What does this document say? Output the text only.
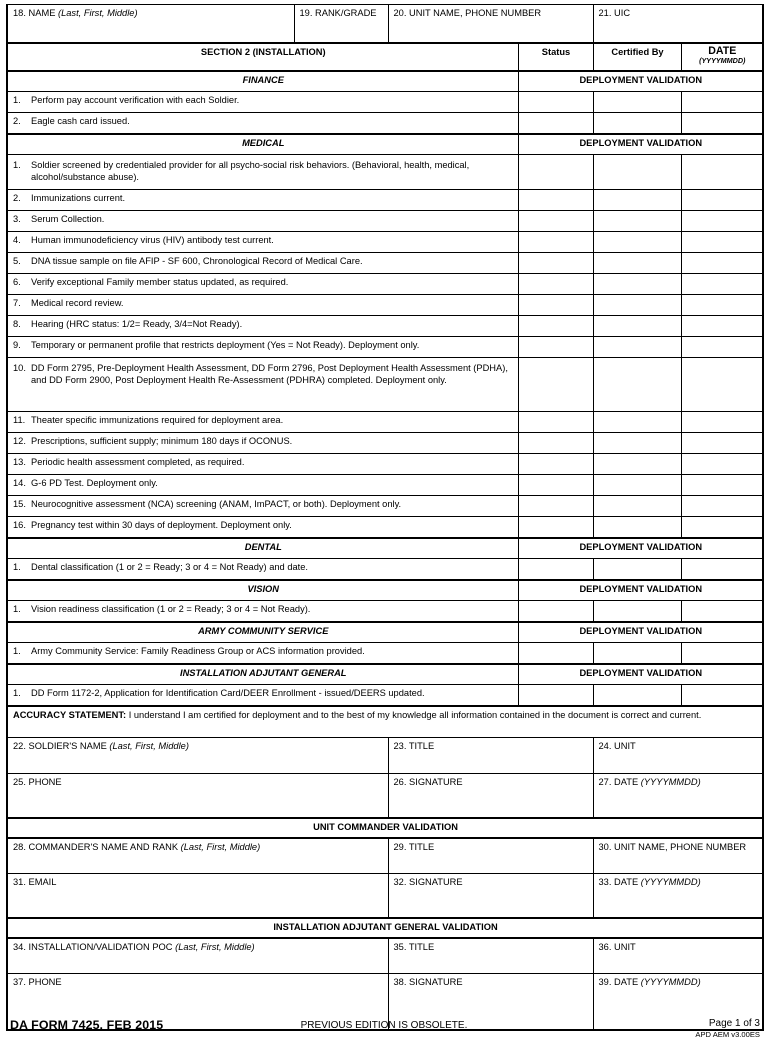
18. NAME (Last, First, Middle)	19. RANK/GRADE	20. UNIT NAME, PHONE NUMBER		21. UIC	
SECTION 2 (INSTALLATION)			Status	Certified By	DATE
(YYYYMMDD)

FINANCE			DEPLOYMENT VALIDATION		
1. Perform pay account verification with each Soldier.					
2. Eagle cash card issued.					
MEDICAL			DEPLOYMENT VALIDATION		
1. Soldier screened by credentialed provider for all psycho-social risk behaviors. (Behavioral, health, medical, alcohol/substance abuse).					
2. Immunizations current.					
3. Serum Collection.					
4. Human immunodeficiency virus (HIV) antibody test current.					
5. DNA tissue sample on file AFIP - SF 600, Chronological Record of Medical Care.					
6. Verify exceptional Family member status updated, as required.					
7. Medical record review.					
8. Hearing (HRC status: 1/2= Ready, 3/4=Not Ready).					
9. Temporary or permanent profile that restricts deployment (Yes = Not Ready). Deployment only.					
10. DD Form 2795, Pre-Deployment Health Assessment, DD Form 2796, Post Deployment Health Assessment (PDHA), and DD Form 2900, Post Deployment Health Re-Assessment (PDHRA) completed. Deployment only.					
11. Theater specific immunizations required for deployment area.					
12. Prescriptions, sufficient supply; minimum 180 days if OCONUS.					
13. Periodic health assessment completed, as required.					
14. G-6 PD Test. Deployment only.					
15. Neurocognitive assessment (NCA) screening (ANAM, ImPACT, or both). Deployment only.					
16. Pregnancy test within 30 days of deployment. Deployment only.					
DENTAL			DEPLOYMENT VALIDATION		
1. Dental classification (1 or 2 = Ready; 3 or 4 = Not Ready) and date.					
VISION			DEPLOYMENT VALIDATION		
1. Vision readiness classification (1 or 2 = Ready; 3 or 4 = Not Ready).					
ARMY COMMUNITY SERVICE			DEPLOYMENT VALIDATION		
1. Army Community Service: Family Readiness Group or ACS information provided.					
INSTALLATION ADJUTANT GENERAL			DEPLOYMENT VALIDATION		
1. DD Form 1172-2, Application for Identification Card/DEER Enrollment - issued/DEERS updated.					
ACCURACY STATEMENT: I understand I am certified for deployment and to the best of my knowledge all information contained in the document is correct and current.					
22. SOLDIER'S NAME (Last, First, Middle)		23. TITLE		24. UNIT	
25. PHONE		26. SIGNATURE		27. DATE (YYYYMMDD)	
UNIT COMMANDER VALIDATION					
28. COMMANDER'S NAME AND RANK (Last, First, Middle)		29. TITLE		30. UNIT NAME, PHONE NUMBER	
31. EMAIL		32. SIGNATURE		33. DATE (YYYYMMDD)	
INSTALLATION ADJUTANT GENERAL VALIDATION					
34. INSTALLATION/VALIDATION POC (Last, First, Middle)		35. TITLE		36. UNIT	
37. PHONE		38. SIGNATURE		39. DATE (YYYYMMDD)	
DA FORM 7425, FEB 2015	PREVIOUS EDITION IS OBSOLETE.	Page 1 of 3
APD AEM v3.00ES
